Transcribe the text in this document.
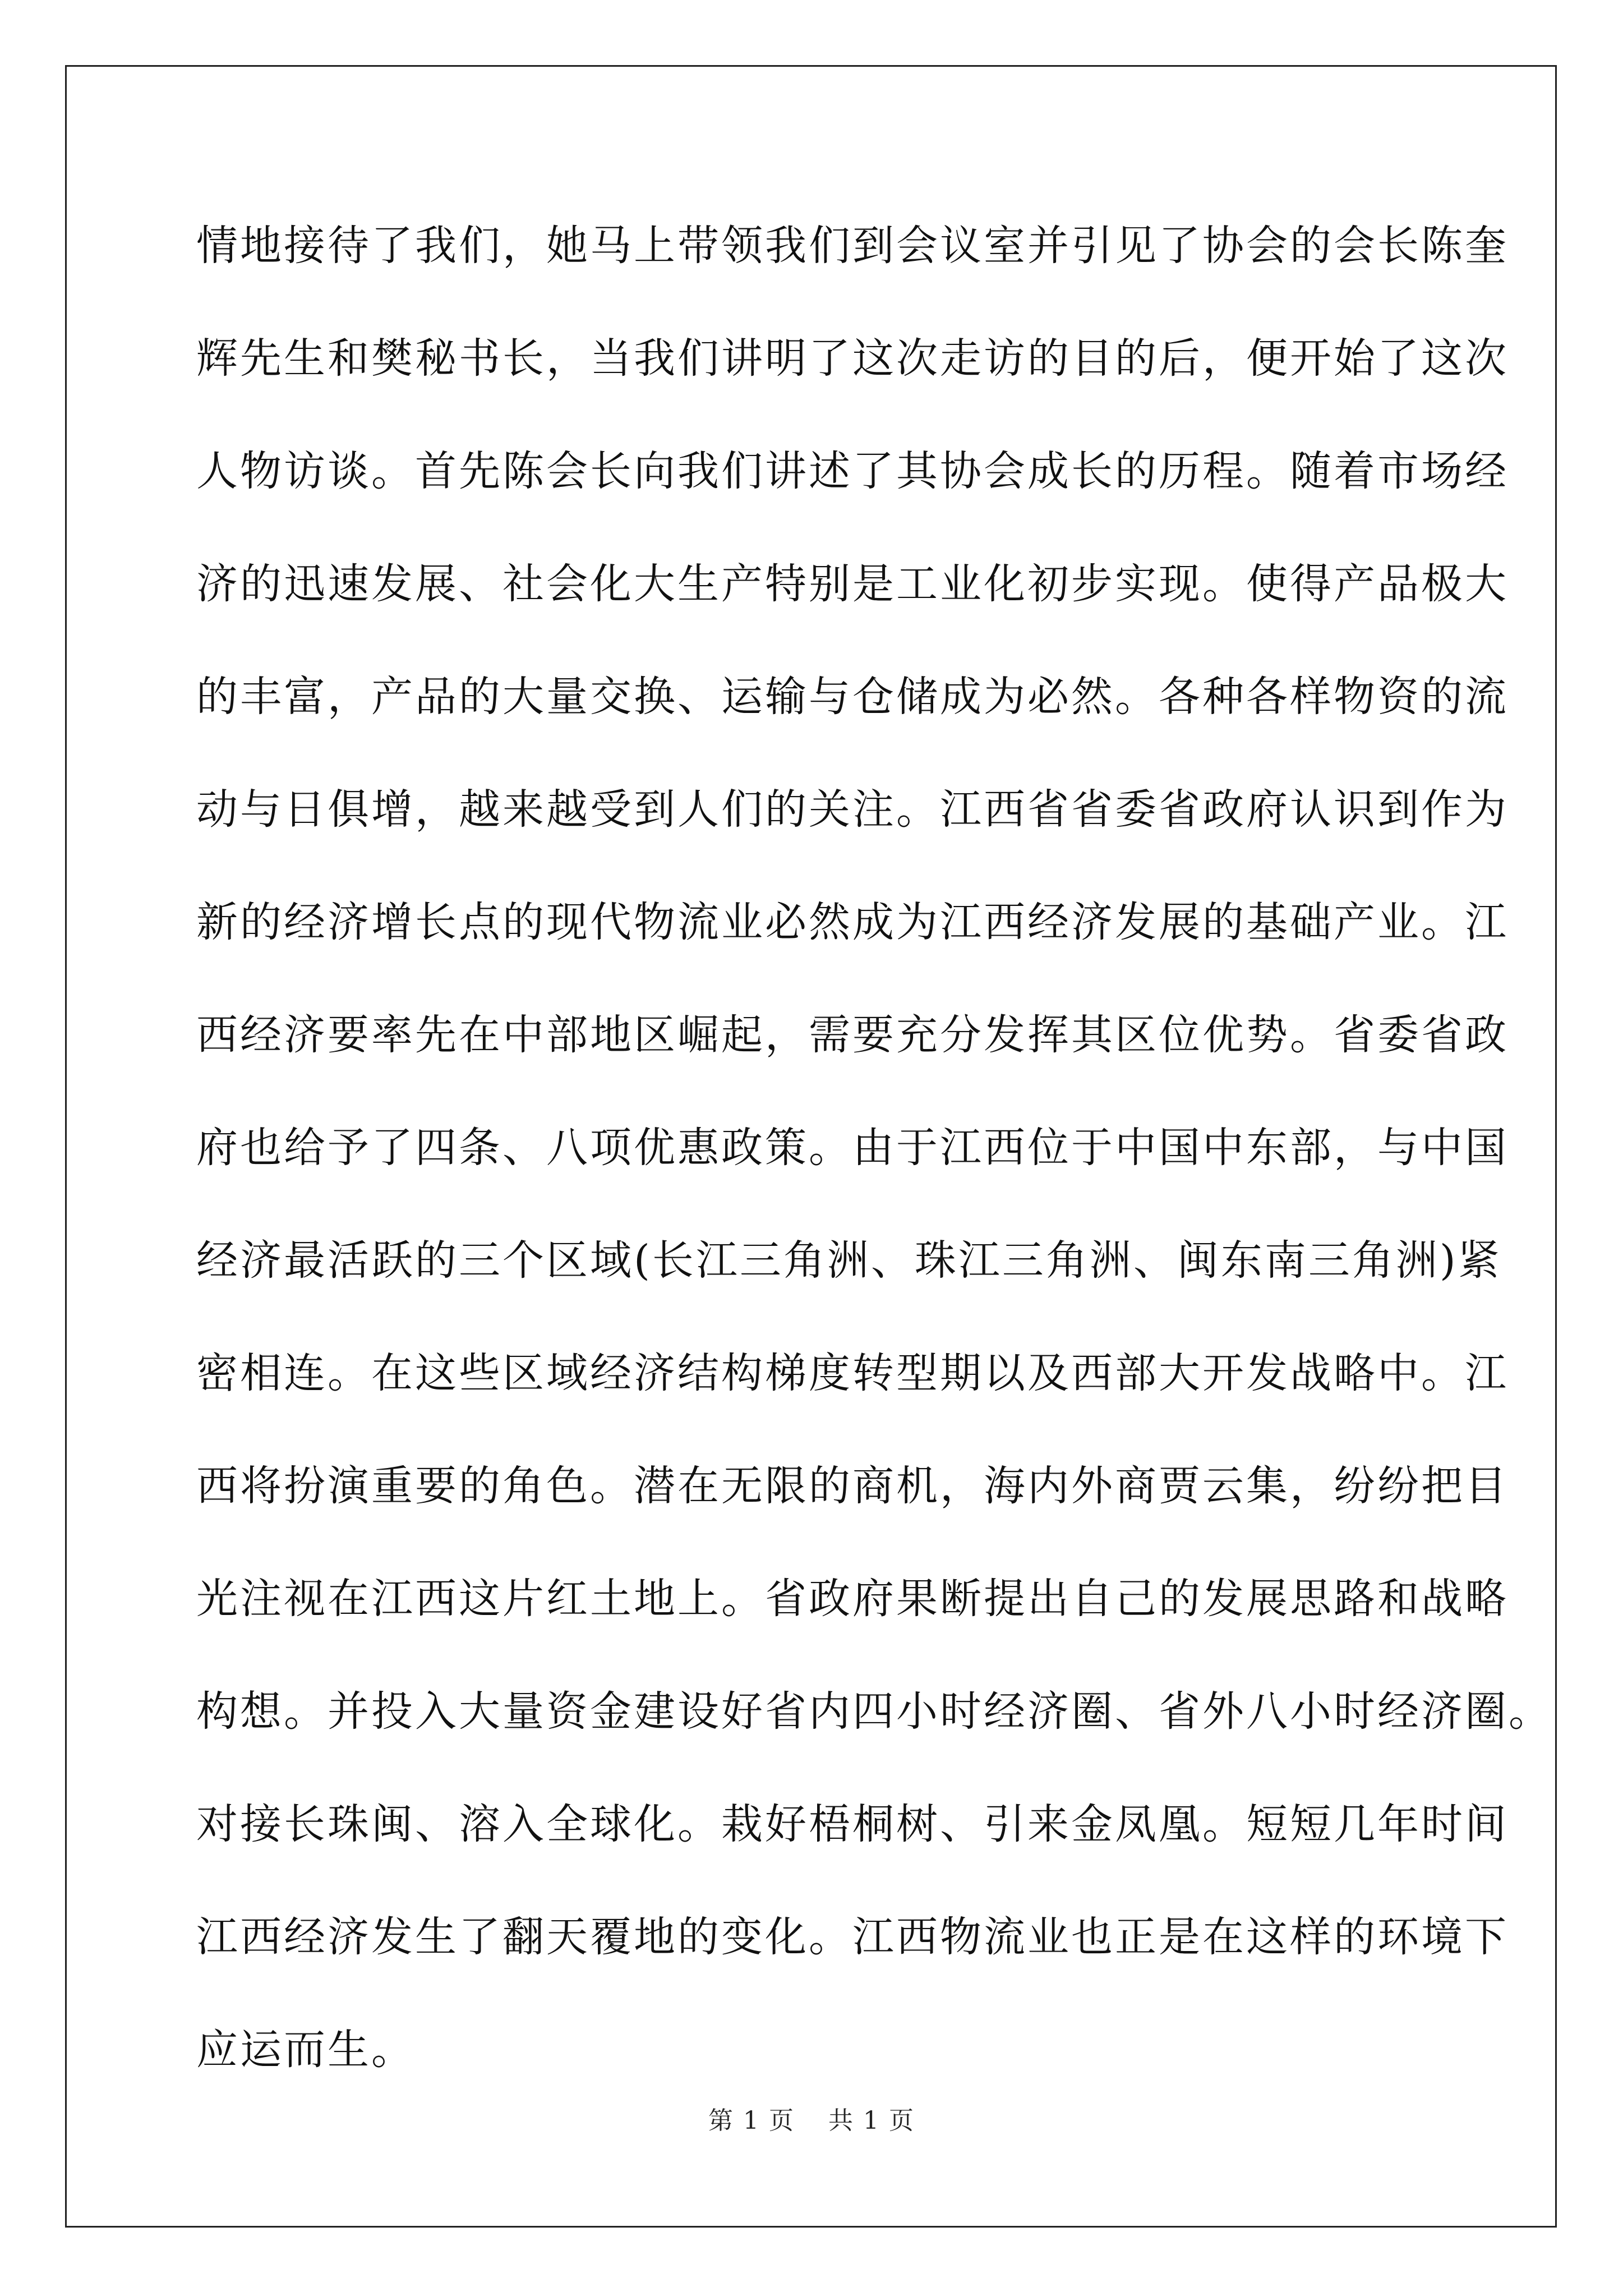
情地接待了我们，她马上带领我们到会议室并引见了协会的会长陈奎
辉先生和樊秘书长，当我们讲明了这次走访的目的后，便开始了这次
人物访谈。首先陈会长向我们讲述了其协会成长的历程。随着市场经
济的迅速发展、社会化大生产特别是工业化初步实现。使得产品极大
的丰富，产品的大量交换、运输与仓储成为必然。各种各样物资的流
动与日俱增，越来越受到人们的关注。江西省省委省政府认识到作为
新的经济增长点的现代物流业必然成为江西经济发展的基础产业。江
西经济要率先在中部地区崛起，需要充分发挥其区位优势。省委省政
府也给予了四条、八项优惠政策。由于江西位于中国中东部，与中国
经济最活跃的三个区域(长江三角洲、珠江三角洲、闽东南三角洲)紧
密相连。在这些区域经济结构梯度转型期以及西部大开发战略中。江
西将扮演重要的角色。潜在无限的商机，海内外商贾云集，纷纷把目
光注视在江西这片红土地上。省政府果断提出自己的发展思路和战略
构想。并投入大量资金建设好省内四小时经济圈、省外八小时经济圈。
对接长珠闽、溶入全球化。栽好梧桐树、引来金凤凰。短短几年时间
江西经济发生了翻天覆地的变化。江西物流业也正是在这样的环境下
应运而生。
第 1 页 共 1 页
